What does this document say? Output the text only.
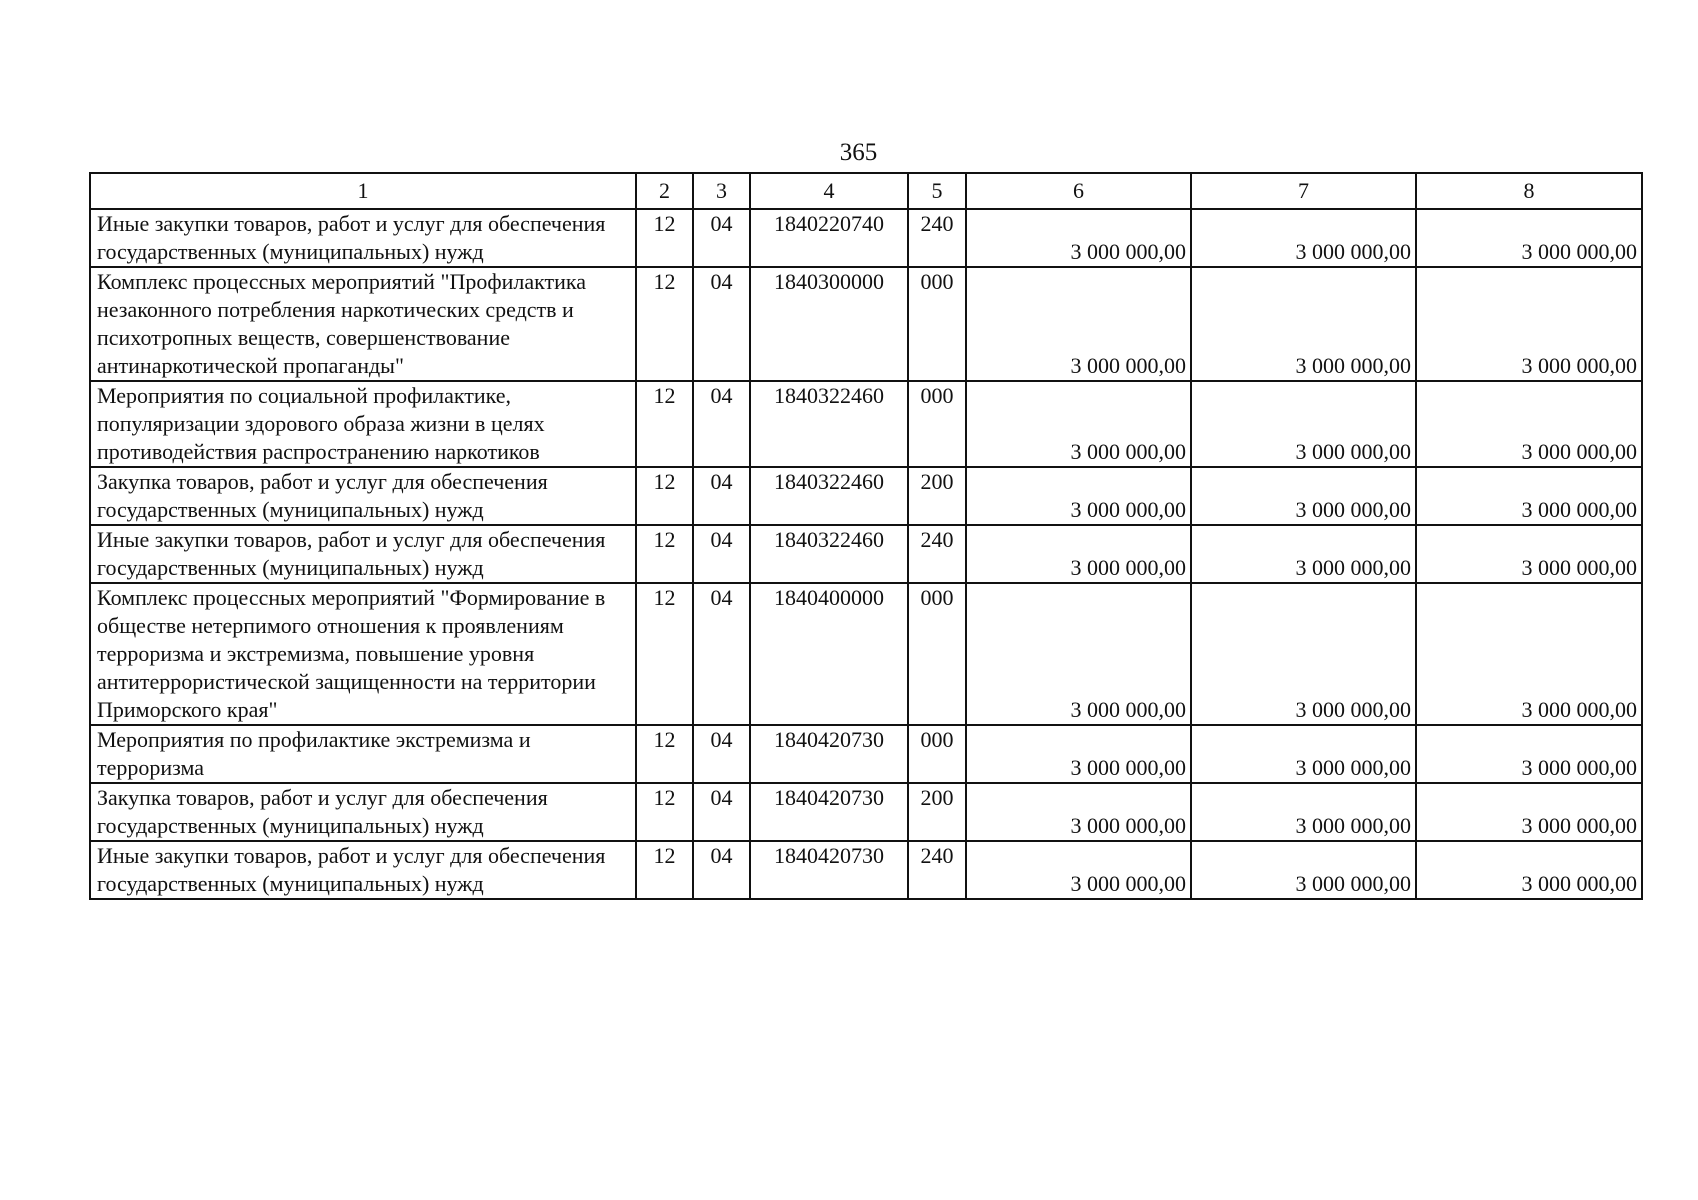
365
1	2	3	4	5	6	7	8
Иные закупки товаров, работ и услуг для обеспечения государственных (муниципальных) нужд	12	04	1840220740	240	3 000 000,00	3 000 000,00	3 000 000,00
Комплекс процессных мероприятий "Профилактика незаконного потребления наркотических средств и психотропных веществ, совершенствование антинаркотической пропаганды"	12	04	1840300000	000	3 000 000,00	3 000 000,00	3 000 000,00
Мероприятия по социальной профилактике, популяризации здорового образа жизни в целях противодействия распространению наркотиков	12	04	1840322460	000	3 000 000,00	3 000 000,00	3 000 000,00
Закупка товаров, работ и услуг для обеспечения государственных (муниципальных) нужд	12	04	1840322460	200	3 000 000,00	3 000 000,00	3 000 000,00
Иные закупки товаров, работ и услуг для обеспечения государственных (муниципальных) нужд	12	04	1840322460	240	3 000 000,00	3 000 000,00	3 000 000,00
Комплекс процессных мероприятий "Формирование в обществе нетерпимого отношения к проявлениям терроризма и экстремизма, повышение уровня антитеррористической защищенности на территории Приморского края"	12	04	1840400000	000	3 000 000,00	3 000 000,00	3 000 000,00
Мероприятия по профилактике экстремизма и терроризма	12	04	1840420730	000	3 000 000,00	3 000 000,00	3 000 000,00
Закупка товаров, работ и услуг для обеспечения государственных (муниципальных) нужд	12	04	1840420730	200	3 000 000,00	3 000 000,00	3 000 000,00
Иные закупки товаров, работ и услуг для обеспечения государственных (муниципальных) нужд	12	04	1840420730	240	3 000 000,00	3 000 000,00	3 000 000,00
